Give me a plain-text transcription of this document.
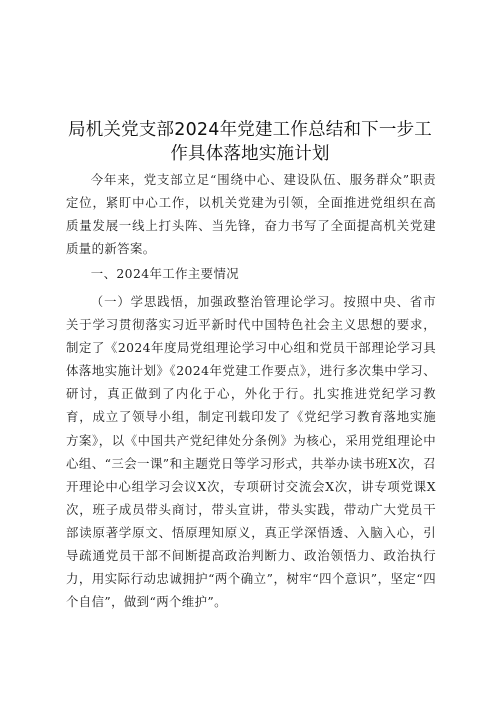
局机关党支部2024年党建工作总结和下一步工
作具体落地实施计划
今年来，党支部立足“围绕中心、建设队伍、服务群众”职责定位，紧盯中心工作，以机关党建为引领，全面推进党组织在高质量发展一线上打头阵、当先锋，奋力书写了全面提高机关党建质量的新答案。
一、2024年工作主要情况
（一）学思践悟，加强政整治管理论学习。按照中央、省市关于学习贯彻落实习近平新时代中国特色社会主义思想的要求，制定了《2024年度局党组理论学习中心组和党员干部理论学习具体落地实施计划》《2024年党建工作要点》，进行多次集中学习、研讨，真正做到了内化于心，外化于行。扎实推进党纪学习教育，成立了领导小组，制定刊载印发了《党纪学习教育落地实施方案》，以《中国共产党纪律处分条例》为核心，采用党组理论中心组、“三会一课”和主题党日等学习形式，共举办读书班X次，召开理论中心组学习会议X次，专项研讨交流会X次，讲专项党课X次，班子成员带头商讨，带头宣讲，带头实践，带动广大党员干部读原著学原文、悟原理知原义，真正学深悟透、入脑入心，引导疏通党员干部不间断提高政治判断力、政治领悟力、政治执行力，用实际行动忠诚拥护“两个确立”，树牢“四个意识”，坚定“四个自信”，做到“两个维护”。
